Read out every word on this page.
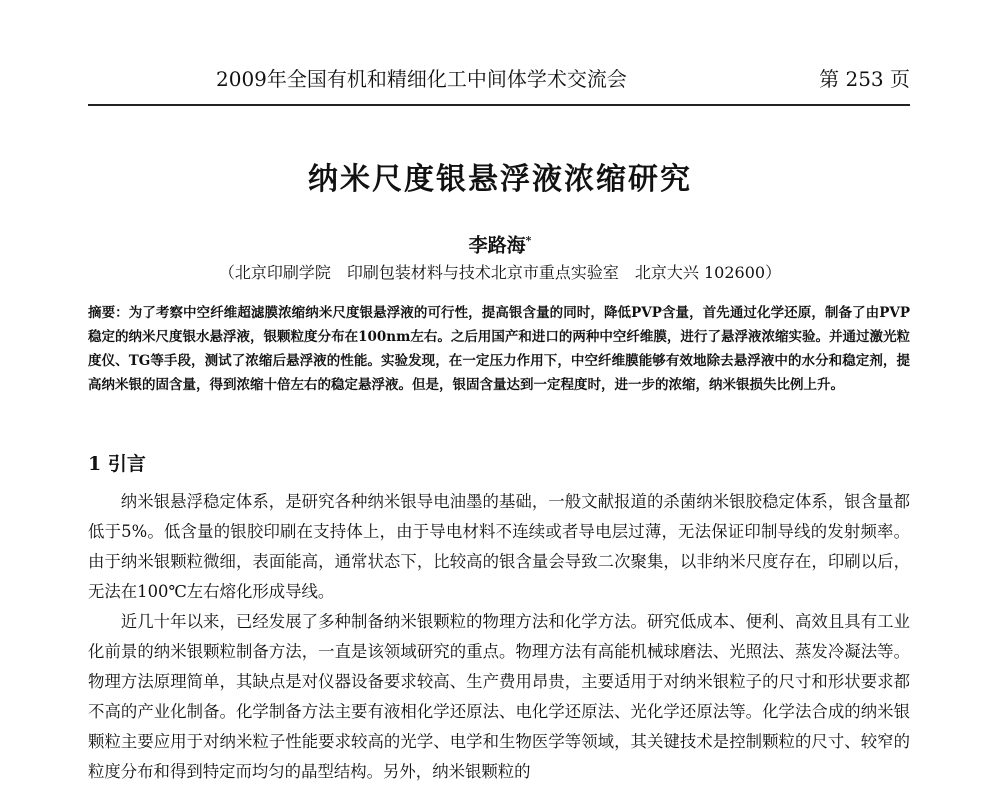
2009年全国有机和精细化工中间体学术交流会	第 253 页
纳米尺度银悬浮液浓缩研究
李路海*
（北京印刷学院　印刷包装材料与技术北京市重点实验室　北京大兴 102600）
摘要：为了考察中空纤维超滤膜浓缩纳米尺度银悬浮液的可行性，提高银含量的同时，降低PVP含量，首先通过化学还原，制备了由PVP稳定的纳米尺度银水悬浮液，银颗粒度分布在100nm左右。之后用国产和进口的两种中空纤维膜，进行了悬浮液浓缩实验。并通过激光粒度仪、TG等手段，测试了浓缩后悬浮液的性能。实验发现，在一定压力作用下，中空纤维膜能够有效地除去悬浮液中的水分和稳定剂，提高纳米银的固含量，得到浓缩十倍左右的稳定悬浮液。但是，银固含量达到一定程度时，进一步的浓缩，纳米银损失比例上升。
1 引言

纳米银悬浮稳定体系，是研究各种纳米银导电油墨的基础，一般文献报道的杀菌纳米银胶稳定体系，银含量都低于5%。低含量的银胶印刷在支持体上，由于导电材料不连续或者导电层过薄，无法保证印制导线的发射频率。由于纳米银颗粒微细，表面能高，通常状态下，比较高的银含量会导致二次聚集，以非纳米尺度存在，印刷以后，无法在100℃左右熔化形成导线。

近几十年以来，已经发展了多种制备纳米银颗粒的物理方法和化学方法。研究低成本、便利、高效且具有工业化前景的纳米银颗粒制备方法，一直是该领域研究的重点。物理方法有高能机械球磨法、光照法、蒸发冷凝法等。物理方法原理简单，其缺点是对仪器设备要求较高、生产费用昂贵，主要适用于对纳米银粒子的尺寸和形状要求都不高的产业化制备。化学制备方法主要有液相化学还原法、电化学还原法、光化学还原法等。化学法合成的纳米银颗粒主要应用于对纳米粒子性能要求较高的光学、电学和生物医学等领域，其关键技术是控制颗粒的尺寸、较窄的粒度分布和得到特定而均匀的晶型结构。另外，纳米银颗粒的
